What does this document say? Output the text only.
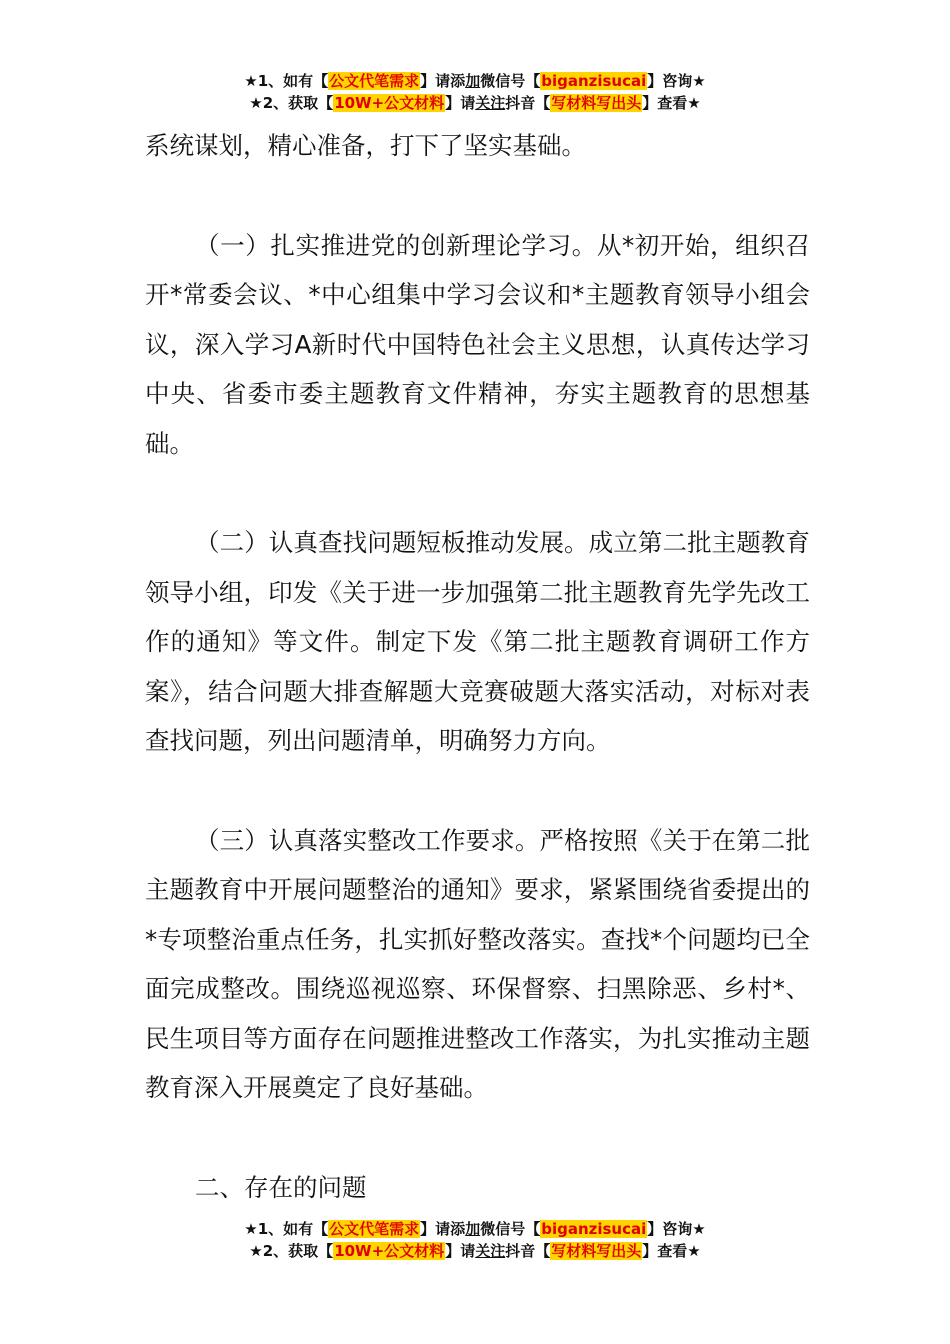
★1、如有【公文代笔需求】请添加微信号【biganzisucai】咨询★
★2、获取【10W+公文材料】请关注抖音【写材料写出头】查看★

系统谋划，精心准备，打下了坚实基础。

（一）扎实推进党的创新理论学习。从*初开始，组织召开*常委会议、*中心组集中学习会议和*主题教育领导小组会议，深入学习A新时代中国特色社会主义思想，认真传达学习中央、省委市委主题教育文件精神，夯实主题教育的思想基础。

（二）认真查找问题短板推动发展。成立第二批主题教育领导小组，印发《关于进一步加强第二批主题教育先学先改工作的通知》等文件。制定下发《第二批主题教育调研工作方案》，结合问题大排查解题大竞赛破题大落实活动，对标对表查找问题，列出问题清单，明确努力方向。

（三）认真落实整改工作要求。严格按照《关于在第二批主题教育中开展问题整治的通知》要求，紧紧围绕省委提出的*专项整治重点任务，扎实抓好整改落实。查找*个问题均已全面完成整改。围绕巡视巡察、环保督察、扫黑除恶、乡村*、民生项目等方面存在问题推进整改工作落实，为扎实推动主题教育深入开展奠定了良好基础。

二、存在的问题

★1、如有【公文代笔需求】请添加微信号【biganzisucai】咨询★
★2、获取【10W+公文材料】请关注抖音【写材料写出头】查看★
